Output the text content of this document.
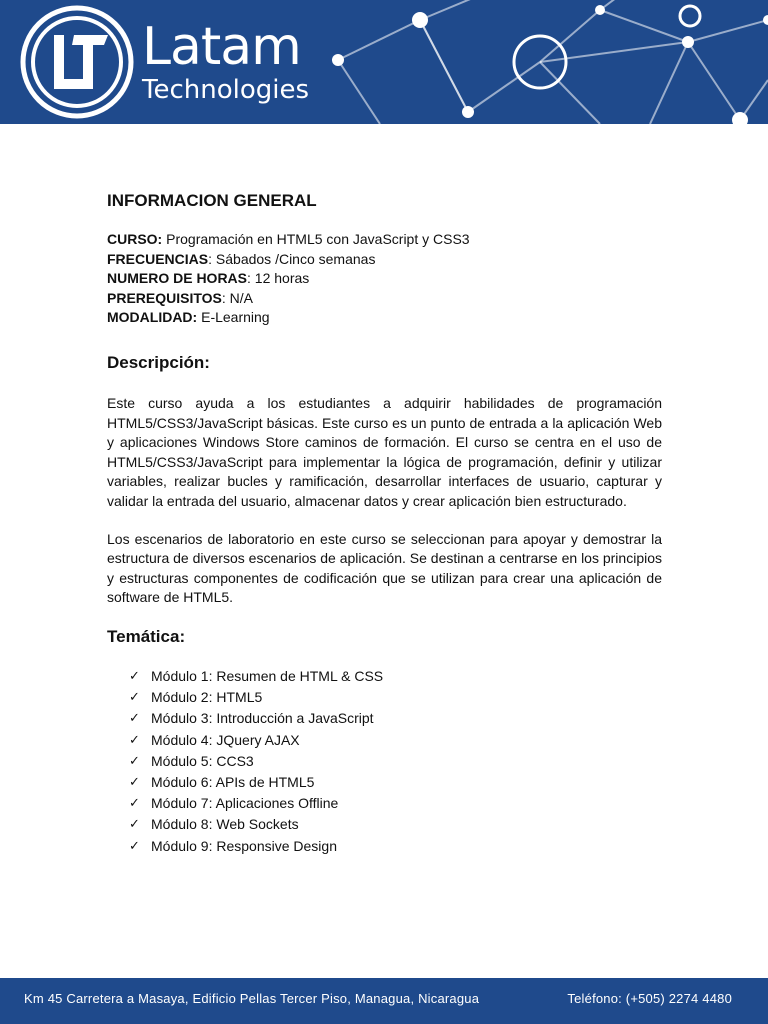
Latam
Technologies
INFORMACION GENERAL
CURSO: Programación en HTML5 con JavaScript y CSS3
FRECUENCIAS: Sábados /Cinco semanas
NUMERO DE HORAS: 12 horas
PREREQUISITOS: N/A
MODALIDAD: E-Learning
Descripción:

Este curso ayuda a los estudiantes a adquirir habilidades de programación HTML5/CSS3/JavaScript básicas. Este curso es un punto de entrada a la aplicación Web y aplicaciones Windows Store caminos de formación. El curso se centra en el uso de HTML5/CSS3/JavaScript para implementar la lógica de programación, definir y utilizar variables, realizar bucles y ramificación, desarrollar interfaces de usuario, capturar y validar la entrada del usuario, almacenar datos y crear aplicación bien estructurado.

Los escenarios de laboratorio en este curso se seleccionan para apoyar y demostrar la estructura de diversos escenarios de aplicación. Se destinan a centrarse en los principios y estructuras componentes de codificación que se utilizan para crear una aplicación de software de HTML5.

Temática:
✓ Módulo 1: Resumen de HTML & CSS
✓ Módulo 2: HTML5
✓ Módulo 3: Introducción a JavaScript
✓ Módulo 4: JQuery AJAX
✓ Módulo 5: CCS3
✓ Módulo 6: APIs de HTML5
✓ Módulo 7: Aplicaciones Offline
✓ Módulo 8: Web Sockets
✓ Módulo 9: Responsive Design
Km 45 Carretera a Masaya, Edificio Pellas Tercer Piso, Managua, Nicaragua	Teléfono: (+505) 2274 4480
